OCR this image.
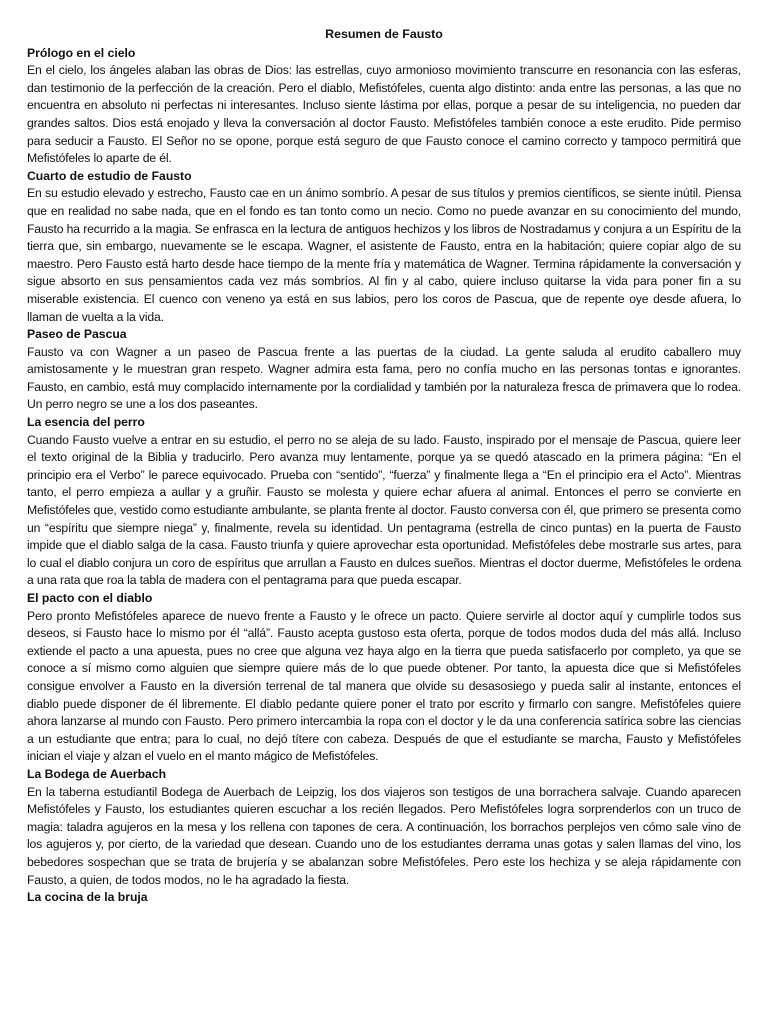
Resumen de Fausto
Prólogo en el cielo

En el cielo, los ángeles alaban las obras de Dios: las estrellas, cuyo armonioso movimiento transcurre en resonancia con las esferas, dan testimonio de la perfección de la creación. Pero el diablo, Mefistófeles, cuenta algo distinto: anda entre las personas, a las que no encuentra en absoluto ni perfectas ni interesantes. Incluso siente lástima por ellas, porque a pesar de su inteligencia, no pueden dar grandes saltos. Dios está enojado y lleva la conversación al doctor Fausto. Mefistófeles también conoce a este erudito. Pide permiso para seducir a Fausto. El Señor no se opone, porque está seguro de que Fausto conoce el camino correcto y tampoco permitirá que Mefistófeles lo aparte de él.

Cuarto de estudio de Fausto

En su estudio elevado y estrecho, Fausto cae en un ánimo sombrío. A pesar de sus títulos y premios científicos, se siente inútil. Piensa que en realidad no sabe nada, que en el fondo es tan tonto como un necio. Como no puede avanzar en su conocimiento del mundo, Fausto ha recurrido a la magia. Se enfrasca en la lectura de antiguos hechizos y los libros de Nostradamus y conjura a un Espíritu de la tierra que, sin embargo, nuevamente se le escapa. Wagner, el asistente de Fausto, entra en la habitación; quiere copiar algo de su maestro. Pero Fausto está harto desde hace tiempo de la mente fría y matemática de Wagner. Termina rápidamente la conversación y sigue absorto en sus pensamientos cada vez más sombríos. Al fin y al cabo, quiere incluso quitarse la vida para poner fin a su miserable existencia. El cuenco con veneno ya está en sus labios, pero los coros de Pascua, que de repente oye desde afuera, lo llaman de vuelta a la vida.

Paseo de Pascua

Fausto va con Wagner a un paseo de Pascua frente a las puertas de la ciudad. La gente saluda al erudito caballero muy amistosamente y le muestran gran respeto. Wagner admira esta fama, pero no confía mucho en las personas tontas e ignorantes. Fausto, en cambio, está muy complacido internamente por la cordialidad y también por la naturaleza fresca de primavera que lo rodea. Un perro negro se une a los dos paseantes.

La esencia del perro

Cuando Fausto vuelve a entrar en su estudio, el perro no se aleja de su lado. Fausto, inspirado por el mensaje de Pascua, quiere leer el texto original de la Biblia y traducirlo. Pero avanza muy lentamente, porque ya se quedó atascado en la primera página: “En el principio era el Verbo” le parece equivocado. Prueba con “sentido”, “fuerza” y finalmente llega a “En el principio era el Acto”. Mientras tanto, el perro empieza a aullar y a gruñir. Fausto se molesta y quiere echar afuera al animal. Entonces el perro se convierte en Mefistófeles que, vestido como estudiante ambulante, se planta frente al doctor. Fausto conversa con él, que primero se presenta como un “espíritu que siempre niega” y, finalmente, revela su identidad. Un pentagrama (estrella de cinco puntas) en la puerta de Fausto impide que el diablo salga de la casa. Fausto triunfa y quiere aprovechar esta oportunidad. Mefistófeles debe mostrarle sus artes, para lo cual el diablo conjura un coro de espíritus que arrullan a Fausto en dulces sueños. Mientras el doctor duerme, Mefistófeles le ordena a una rata que roa la tabla de madera con el pentagrama para que pueda escapar.

El pacto con el diablo

Pero pronto Mefistófeles aparece de nuevo frente a Fausto y le ofrece un pacto. Quiere servirle al doctor aquí y cumplirle todos sus deseos, si Fausto hace lo mismo por él “allá”. Fausto acepta gustoso esta oferta, porque de todos modos duda del más allá. Incluso extiende el pacto a una apuesta, pues no cree que alguna vez haya algo en la tierra que pueda satisfacerlo por completo, ya que se conoce a sí mismo como alguien que siempre quiere más de lo que puede obtener. Por tanto, la apuesta dice que si Mefistófeles consigue envolver a Fausto en la diversión terrenal de tal manera que olvide su desasosiego y pueda salir al instante, entonces el diablo puede disponer de él libremente. El diablo pedante quiere poner el trato por escrito y firmarlo con sangre. Mefistófeles quiere ahora lanzarse al mundo con Fausto. Pero primero intercambia la ropa con el doctor y le da una conferencia satírica sobre las ciencias a un estudiante que entra; para lo cual, no dejó títere con cabeza. Después de que el estudiante se marcha, Fausto y Mefistófeles inician el viaje y alzan el vuelo en el manto mágico de Mefistófeles.

La Bodega de Auerbach

En la taberna estudiantil Bodega de Auerbach de Leipzig, los dos viajeros son testigos de una borrachera salvaje. Cuando aparecen Mefistófeles y Fausto, los estudiantes quieren escuchar a los recién llegados. Pero Mefistófeles logra sorprenderlos con un truco de magia: taladra agujeros en la mesa y los rellena con tapones de cera. A continuación, los borrachos perplejos ven cómo sale vino de los agujeros y, por cierto, de la variedad que desean. Cuando uno de los estudiantes derrama unas gotas y salen llamas del vino, los bebedores sospechan que se trata de brujería y se abalanzan sobre Mefistófeles. Pero este los hechiza y se aleja rápidamente con Fausto, a quien, de todos modos, no le ha agradado la fiesta.

La cocina de la bruja
